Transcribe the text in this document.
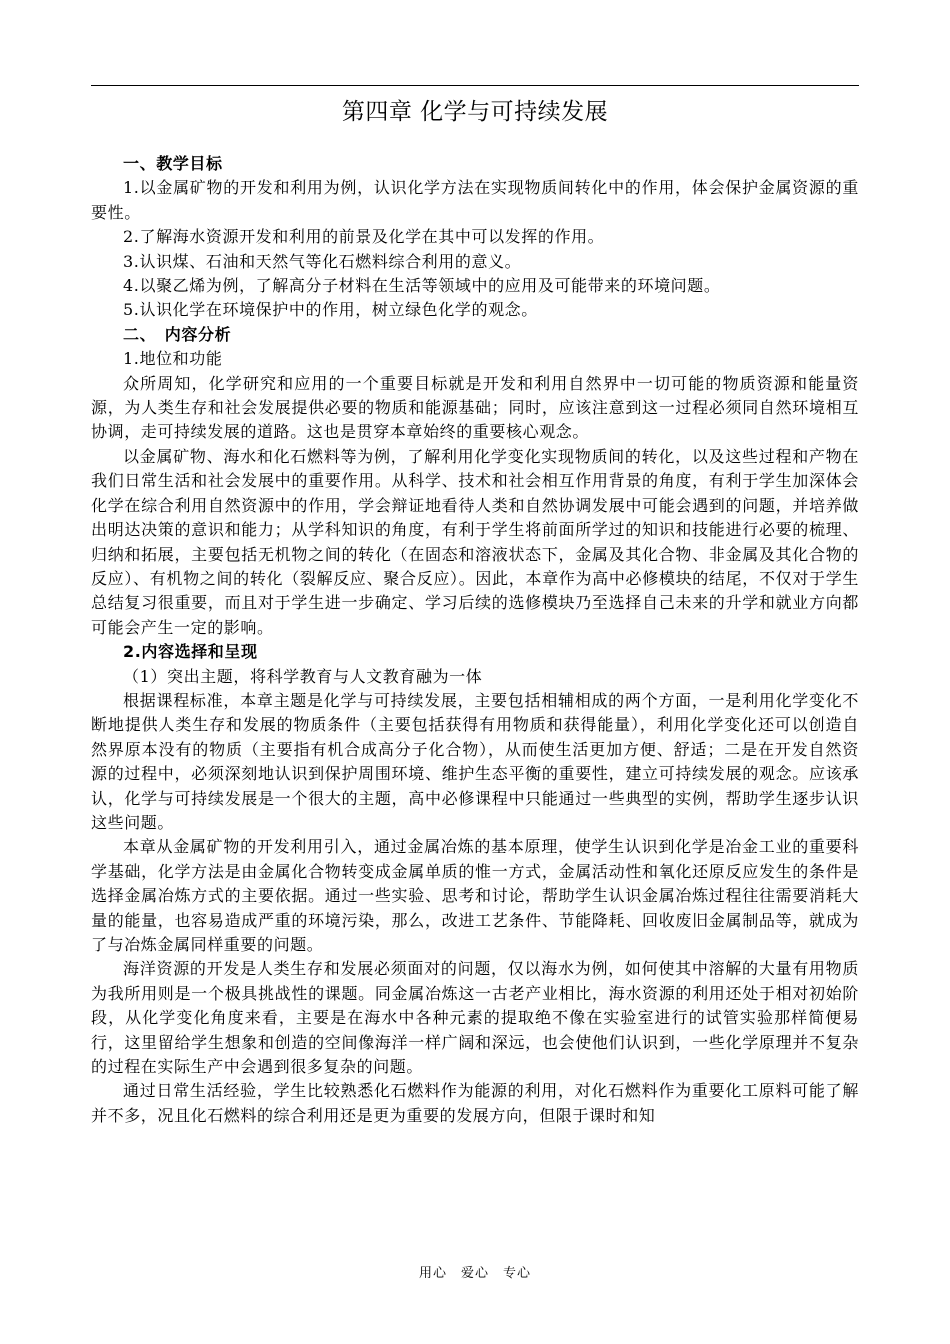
第四章 化学与可持续发展
一、教学目标

1.以金属矿物的开发和利用为例，认识化学方法在实现物质间转化中的作用，体会保护金属资源的重要性。

2.了解海水资源开发和利用的前景及化学在其中可以发挥的作用。

3.认识煤、石油和天然气等化石燃料综合利用的意义。

4.以聚乙烯为例，了解高分子材料在生活等领域中的应用及可能带来的环境问题。

5.认识化学在环境保护中的作用，树立绿色化学的观念。

二、　内容分析
1.地位和功能

众所周知，化学研究和应用的一个重要目标就是开发和利用自然界中一切可能的物质资源和能量资源，为人类生存和社会发展提供必要的物质和能源基础；同时，应该注意到这一过程必须同自然环境相互协调，走可持续发展的道路。这也是贯穿本章始终的重要核心观念。

以金属矿物、海水和化石燃料等为例，了解利用化学变化实现物质间的转化，以及这些过程和产物在我们日常生活和社会发展中的重要作用。从科学、技术和社会相互作用背景的角度，有利于学生加深体会化学在综合利用自然资源中的作用，学会辩证地看待人类和自然协调发展中可能会遇到的问题，并培养做出明达决策的意识和能力；从学科知识的角度，有利于学生将前面所学过的知识和技能进行必要的梳理、归纳和拓展，主要包括无机物之间的转化（在固态和溶液状态下，金属及其化合物、非金属及其化合物的反应）、有机物之间的转化（裂解反应、聚合反应）。因此，本章作为高中必修模块的结尾，不仅对于学生总结复习很重要，而且对于学生进一步确定、学习后续的选修模块乃至选择自己未来的升学和就业方向都可能会产生一定的影响。

2.内容选择和呈现
（1）突出主题，将科学教育与人文教育融为一体

根据课程标准，本章主题是化学与可持续发展，主要包括相辅相成的两个方面，一是利用化学变化不断地提供人类生存和发展的物质条件（主要包括获得有用物质和获得能量），利用化学变化还可以创造自然界原本没有的物质（主要指有机合成高分子化合物），从而使生活更加方便、舒适；二是在开发自然资源的过程中，必须深刻地认识到保护周围环境、维护生态平衡的重要性，建立可持续发展的观念。应该承认，化学与可持续发展是一个很大的主题，高中必修课程中只能通过一些典型的实例，帮助学生逐步认识这些问题。

本章从金属矿物的开发利用引入，通过金属冶炼的基本原理，使学生认识到化学是冶金工业的重要科学基础，化学方法是由金属化合物转变成金属单质的惟一方式，金属活动性和氧化还原反应发生的条件是选择金属冶炼方式的主要依据。通过一些实验、思考和讨论，帮助学生认识金属冶炼过程往往需要消耗大量的能量，也容易造成严重的环境污染，那么，改进工艺条件、节能降耗、回收废旧金属制品等，就成为了与冶炼金属同样重要的问题。

海洋资源的开发是人类生存和发展必须面对的问题，仅以海水为例，如何使其中溶解的大量有用物质为我所用则是一个极具挑战性的课题。同金属冶炼这一古老产业相比，海水资源的利用还处于相对初始阶段，从化学变化角度来看，主要是在海水中各种元素的提取绝不像在实验室进行的试管实验那样简便易行，这里留给学生想象和创造的空间像海洋一样广阔和深远，也会使他们认识到，一些化学原理并不复杂的过程在实际生产中会遇到很多复杂的问题。

通过日常生活经验，学生比较熟悉化石燃料作为能源的利用，对化石燃料作为重要化工原料可能了解并不多，况且化石燃料的综合利用还是更为重要的发展方向，但限于课时和知

用心　爱心　专心
